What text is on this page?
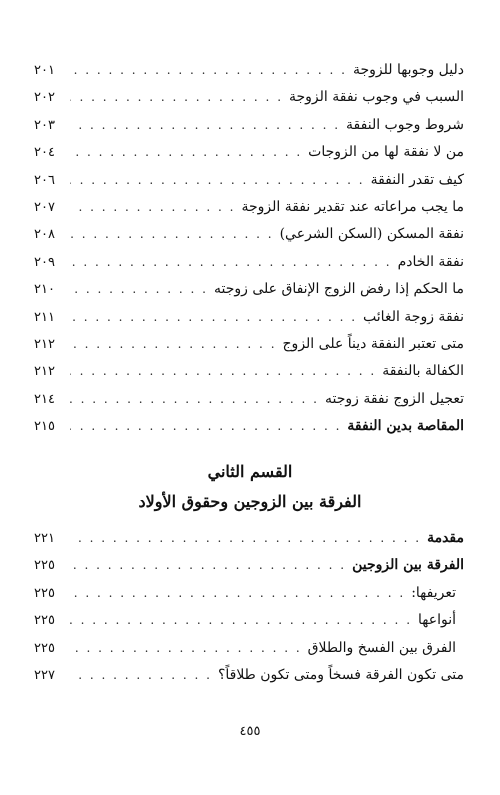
دليل وجوبها للزوجة
. . .
٢٠١
السبب في وجوب نفقة الزوجة
. . .
٢٠٢
شروط وجوب النفقة
. . .
٢٠٣
من لا نفقة لها من الزوجات
. . .
٢٠٤
كيف تقدر النفقة
. . .
٢٠٦
ما يجب مراعاته عند تقدير نفقة الزوجة
. . .
٢٠٧
نفقة المسكن (السكن الشرعي)
. . .
٢٠٨
نفقة الخادم
. . .
٢٠٩
ما الحكم إذا رفض الزوج الإنفاق على زوجته
. . .
٢١٠
نفقة زوجة الغائب
. . .
٢١١
متى تعتبر النفقة ديناً على الزوج
. . .
٢١٢
الكفالة بالنفقة
. . .
٢١٢
تعجيل الزوج نفقة زوجته
. . .
٢١٤
المقاصة بدين النفقة
. . .
٢١٥
القسم الثاني
الفرقة بين الزوجين وحقوق الأولاد
مقدمة
. . .
٢٢١
الفرقة بين الزوجين
. . .
٢٢٥
تعريفها:
. . .
٢٢٥
أنواعها
. . .
٢٢٥
الفرق بين الفسخ والطلاق
. . .
٢٢٥
متى تكون الفرقة فسخاً ومتى تكون طلاقاً؟
. . .
٢٢٧
٤٥٥
